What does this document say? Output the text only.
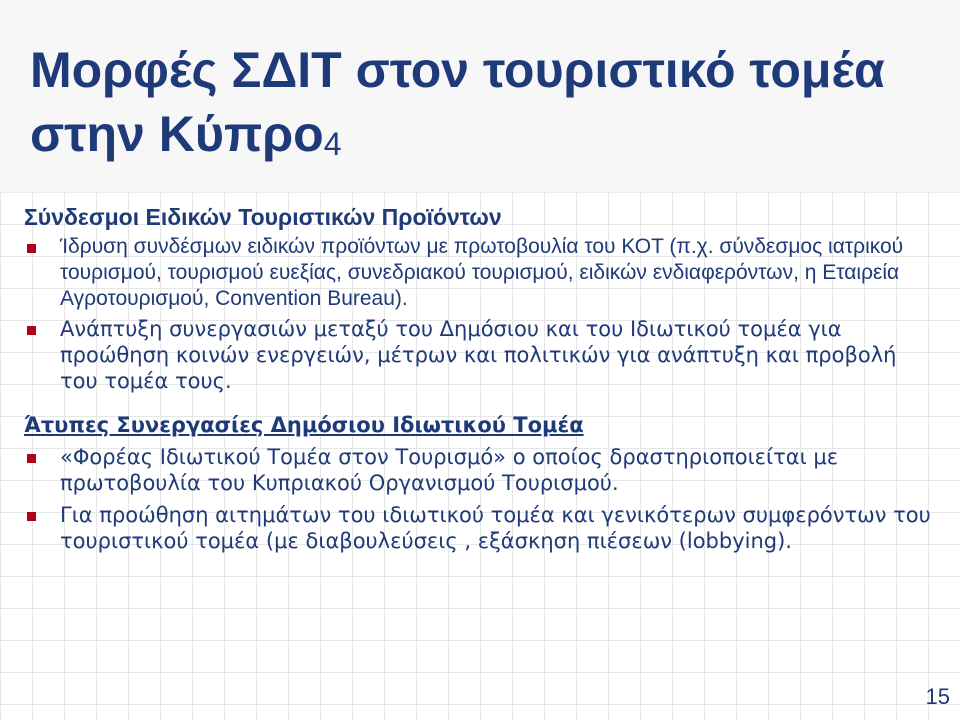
Μορφές ΣΔΙΤ στον τουριστικό τομέα στην Κύπρο4

Σύνδεσμοι Ειδικών Τουριστικών Προϊόντων

Ίδρυση συνδέσμων ειδικών προϊόντων με πρωτοβουλία του ΚΟΤ (π.χ. σύνδεσμος ιατρικού τουρισμού, τουρισμού ευεξίας, συνεδριακού τουρισμού, ειδικών ενδιαφερόντων, η Εταιρεία Αγροτουρισμού, Convention Bureau).

Ανάπτυξη συνεργασιών μεταξύ του Δημόσιου και του Ιδιωτικού τομέα για προώθηση κοινών ενεργειών, μέτρων και πολιτικών για ανάπτυξη και προβολή του τομέα τους.

Άτυπες Συνεργασίες Δημόσιου Ιδιωτικού Τομέα

«Φορέας Ιδιωτικού Τομέα στον Τουρισμό» ο οποίος δραστηριοποιείται με πρωτοβουλία του Κυπριακού Οργανισμού Τουρισμού.

Για προώθηση αιτημάτων του ιδιωτικού τομέα και γενικότερων συμφερόντων του τουριστικού τομέα (με διαβουλεύσεις , εξάσκηση πιέσεων (lobbying).

15
